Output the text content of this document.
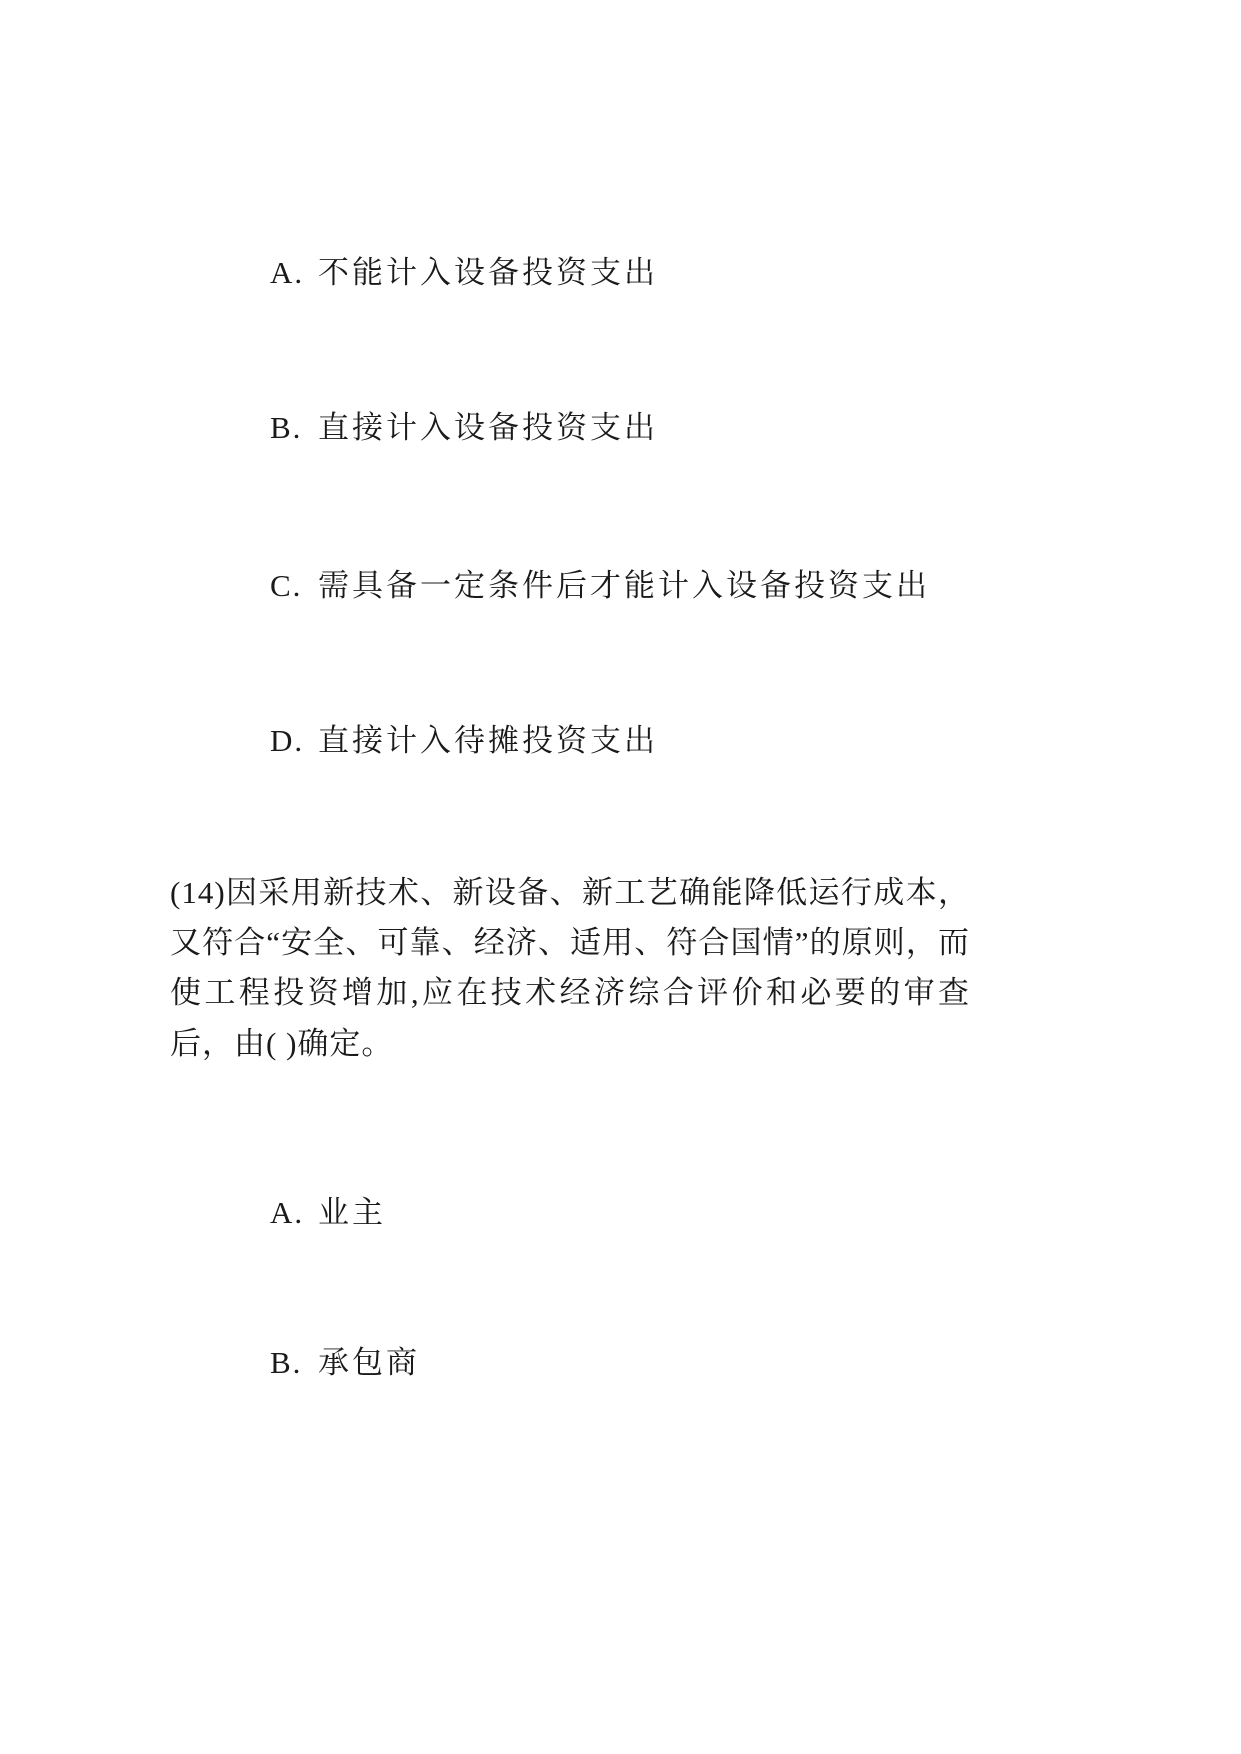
A. 不能计入设备投资支出
B. 直接计入设备投资支出
C. 需具备一定条件后才能计入设备投资支出
D. 直接计入待摊投资支出
(14)因采用新技术、新设备、新工艺确能降低运行成本，又符合“安全、可靠、经济、适用、符合国情”的原则，而使工程投资增加,应在技术经济综合评价和必要的审查后，由( )确定。
A. 业主
B. 承包商
